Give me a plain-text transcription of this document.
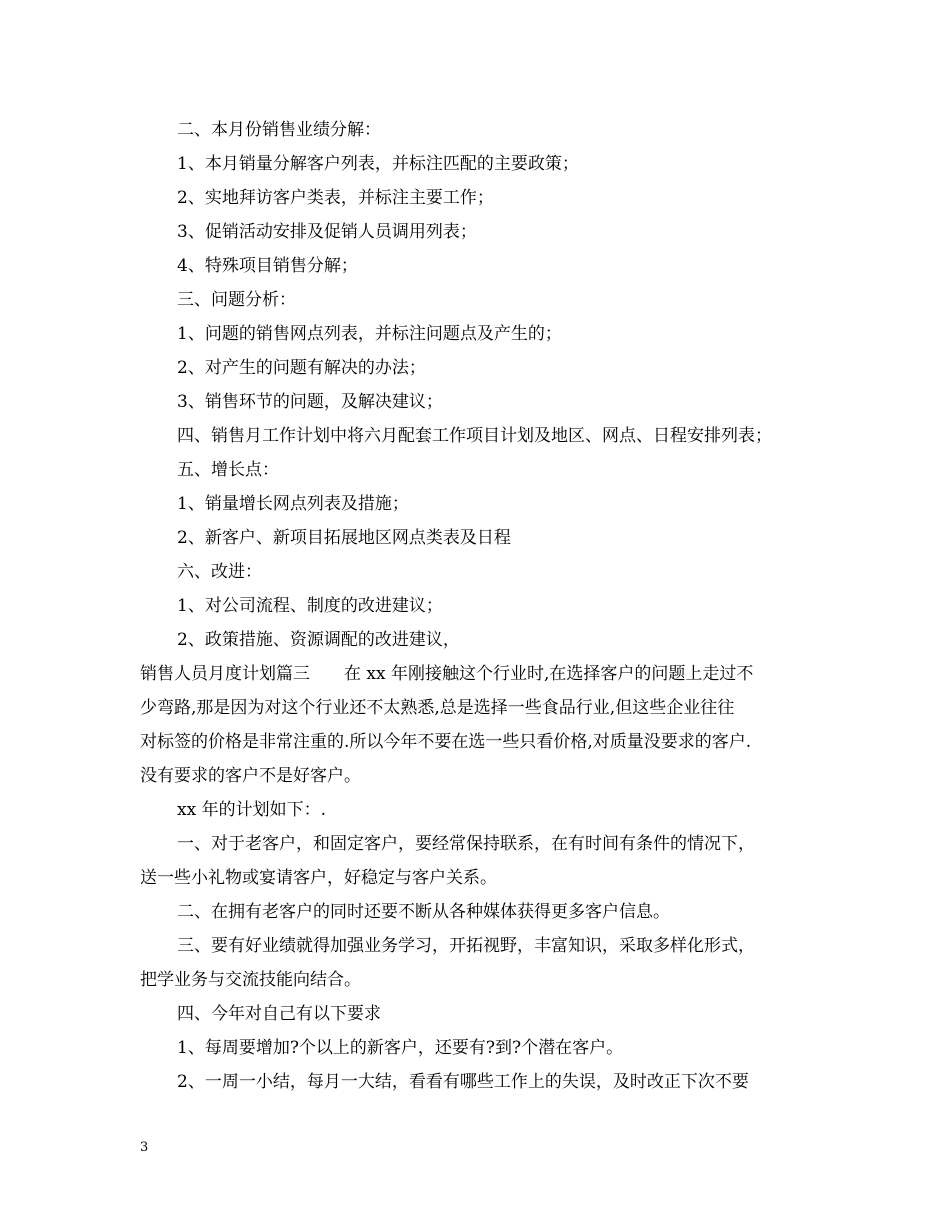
二、本月份销售业绩分解：
1、本月销量分解客户列表，并标注匹配的主要政策；
2、实地拜访客户类表，并标注主要工作；
3、促销活动安排及促销人员调用列表；
4、特殊项目销售分解；
三、问题分析：
1、问题的销售网点列表，并标注问题点及产生的；
2、对产生的问题有解决的办法；
3、销售环节的问题，及解决建议；
四、销售月工作计划中将六月配套工作项目计划及地区、网点、日程安排列表；
五、增长点：
1、销量增长网点列表及措施；
2、新客户、新项目拓展地区网点类表及日程
六、改进：
1、对公司流程、制度的改进建议；
2、政策措施、资源调配的改进建议，
销售人员月度计划篇三　　在 xx 年刚接触这个行业时,在选择客户的问题上走过不
少弯路,那是因为对这个行业还不太熟悉,总是选择一些食品行业,但这些企业往往
对标签的价格是非常注重的.所以今年不要在选一些只看价格,对质量没要求的客户.
没有要求的客户不是好客户。
xx 年的计划如下：.
一、对于老客户，和固定客户，要经常保持联系，在有时间有条件的情况下，
送一些小礼物或宴请客户，好稳定与客户关系。
二、在拥有老客户的同时还要不断从各种媒体获得更多客户信息。
三、要有好业绩就得加强业务学习，开拓视野，丰富知识，采取多样化形式，
把学业务与交流技能向结合。
四、今年对自己有以下要求
1、每周要增加?个以上的新客户，还要有?到?个潜在客户。
2、一周一小结，每月一大结，看看有哪些工作上的失误，及时改正下次不要
3
